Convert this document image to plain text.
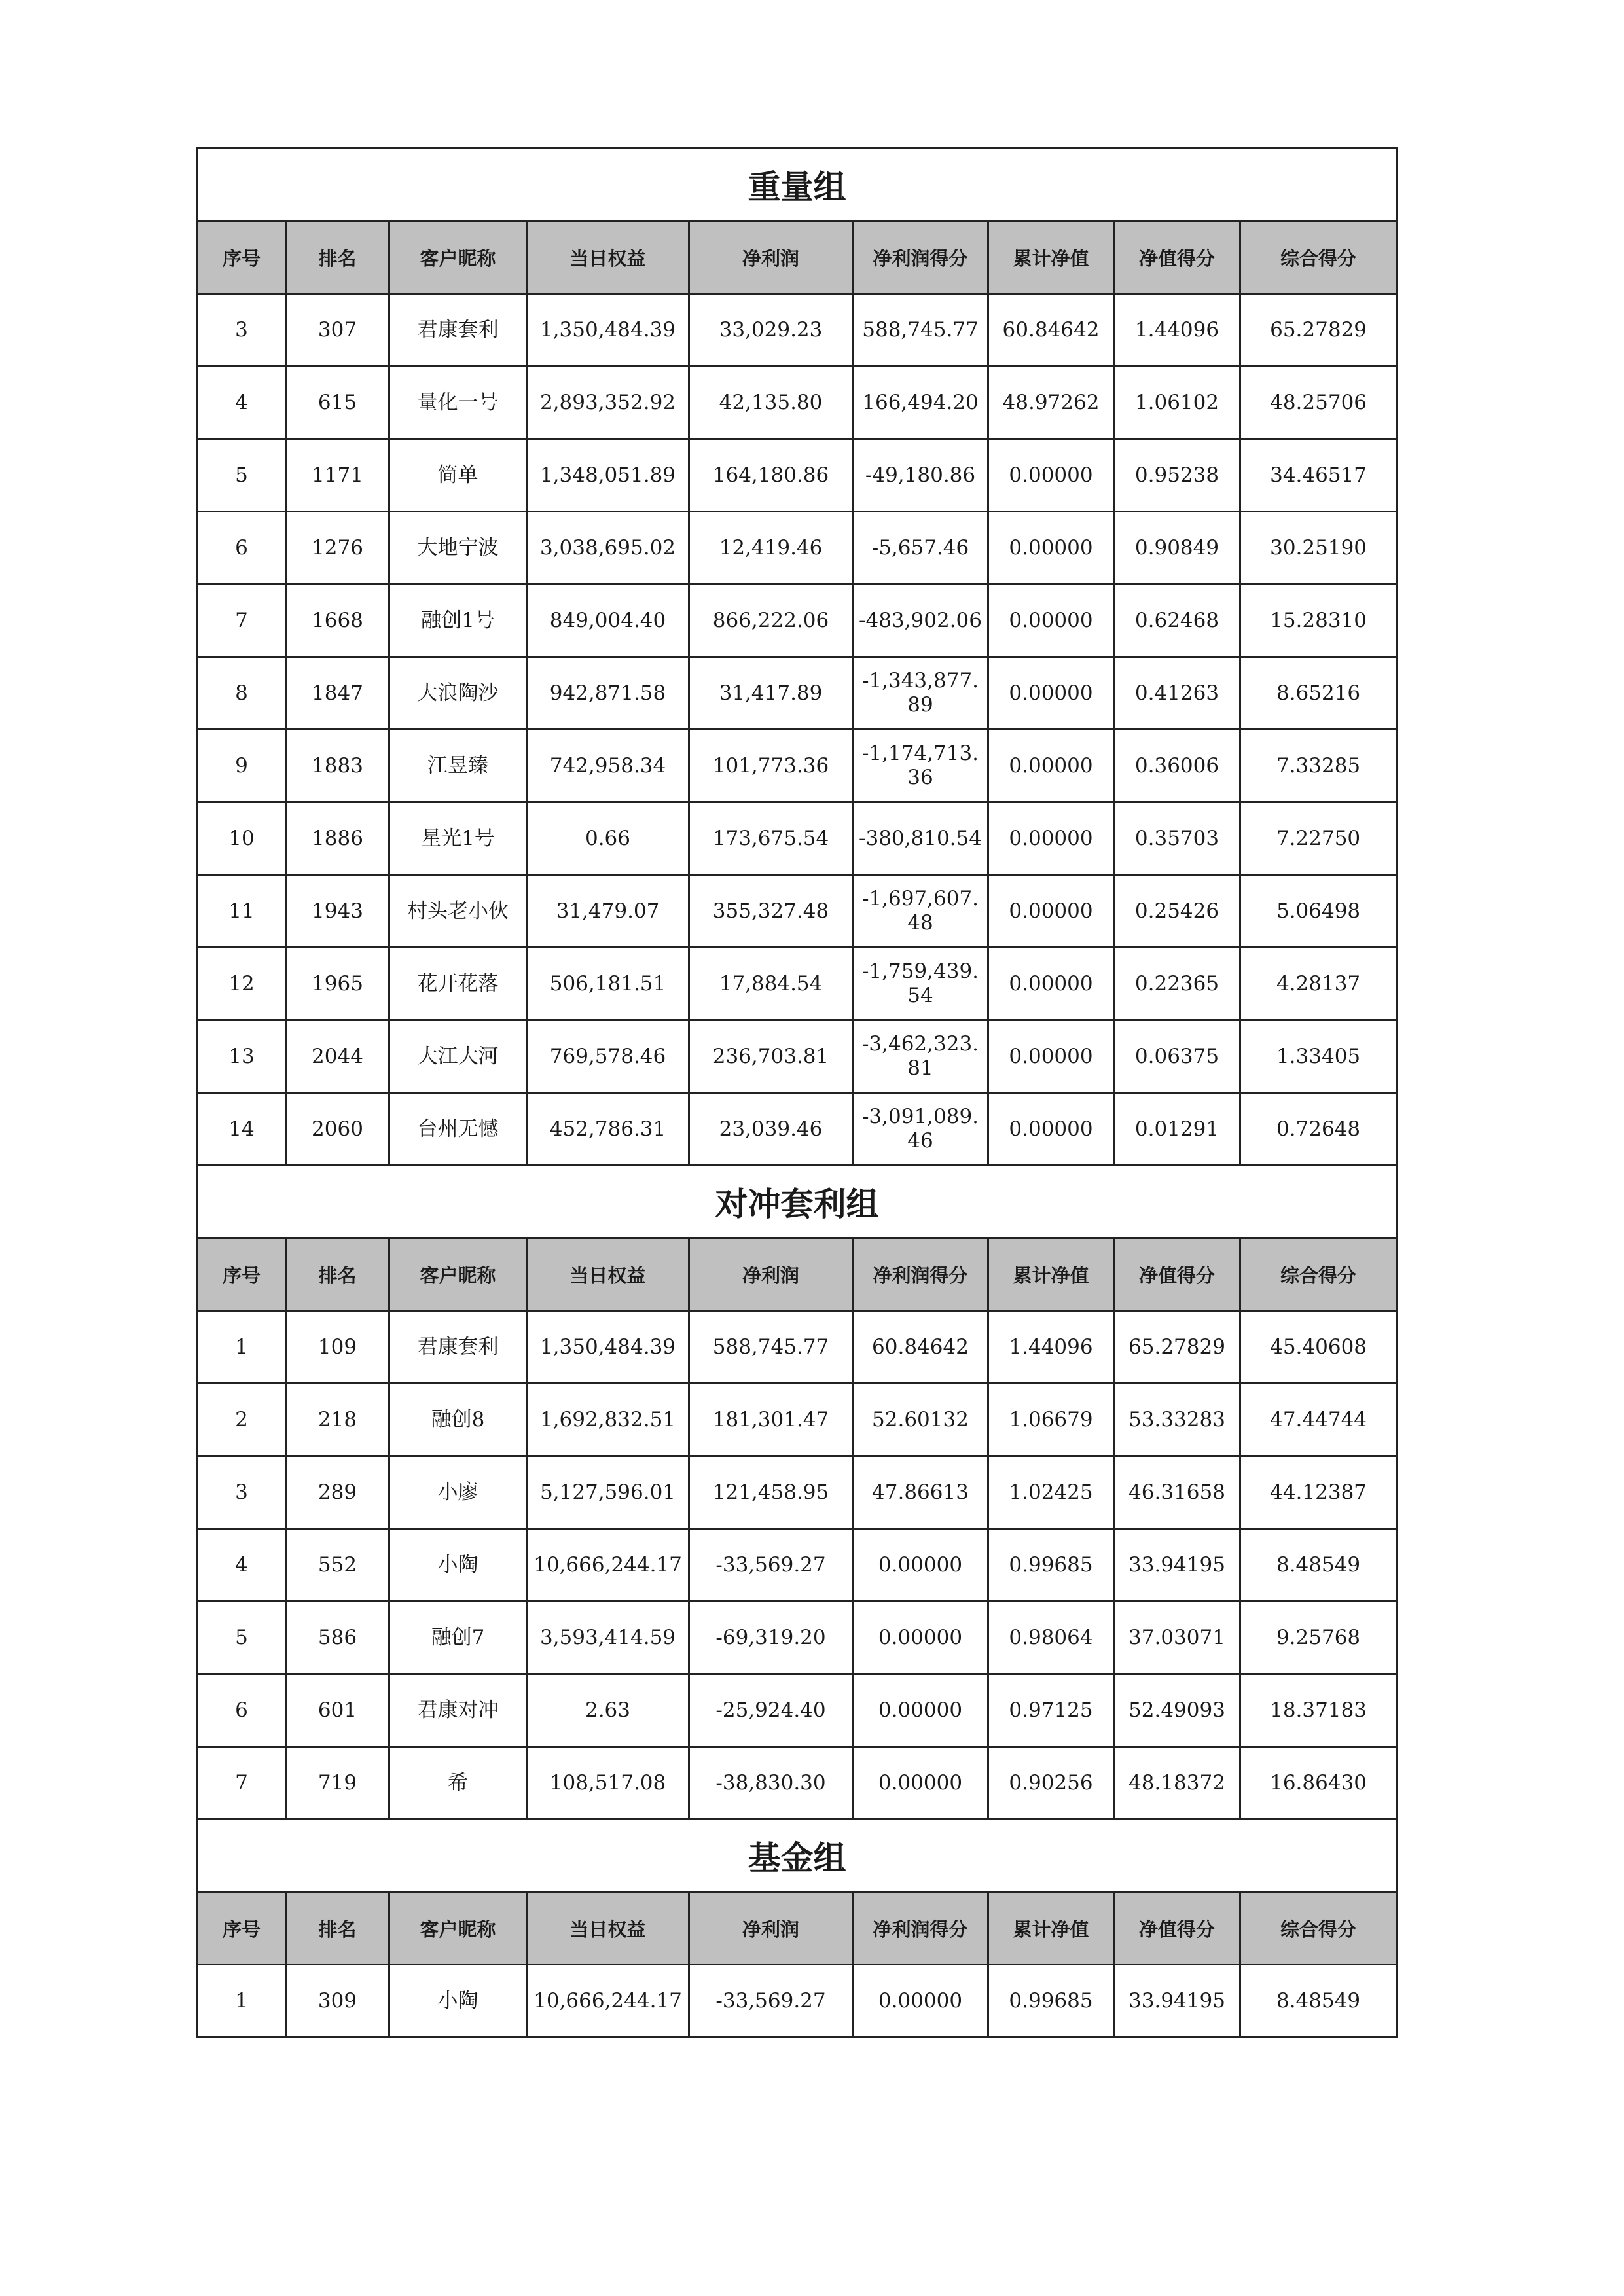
重量组								
序号	排名	客户昵称	当日权益	净利润	净利润得分	累计净值	净值得分	综合得分
3	307	君康套利	1,350,484.39	33,029.23	588,745.77	60.84642	1.44096	65.27829
4	615	量化一号	2,893,352.92	42,135.80	166,494.20	48.97262	1.06102	48.25706
5	1171	简单	1,348,051.89	164,180.86	-49,180.86	0.00000	0.95238	34.46517
6	1276	大地宁波	3,038,695.02	12,419.46	-5,657.46	0.00000	0.90849	30.25190
7	1668	融创1号	849,004.40	866,222.06	-483,902.06	0.00000	0.62468	15.28310
8	1847	大浪陶沙	942,871.58	31,417.89	-1,343,877.89	0.00000	0.41263	8.65216
9	1883	江昱臻	742,958.34	101,773.36	-1,174,713.36	0.00000	0.36006	7.33285
10	1886	星光1号	0.66	173,675.54	-380,810.54	0.00000	0.35703	7.22750
11	1943	村头老小伙	31,479.07	355,327.48	-1,697,607.48	0.00000	0.25426	5.06498
12	1965	花开花落	506,181.51	17,884.54	-1,759,439.54	0.00000	0.22365	4.28137
13	2044	大江大河	769,578.46	236,703.81	-3,462,323.81	0.00000	0.06375	1.33405
14	2060	台州无憾	452,786.31	23,039.46	-3,091,089.46	0.00000	0.01291	0.72648
对冲套利组								
序号	排名	客户昵称	当日权益	净利润	净利润得分	累计净值	净值得分	综合得分
1	109	君康套利	1,350,484.39	588,745.77	60.84642	1.44096	65.27829	45.40608
2	218	融创8	1,692,832.51	181,301.47	52.60132	1.06679	53.33283	47.44744
3	289	小廖	5,127,596.01	121,458.95	47.86613	1.02425	46.31658	44.12387
4	552	小陶	10,666,244.17	-33,569.27	0.00000	0.99685	33.94195	8.48549
5	586	融创7	3,593,414.59	-69,319.20	0.00000	0.98064	37.03071	9.25768
6	601	君康对冲	2.63	-25,924.40	0.00000	0.97125	52.49093	18.37183
7	719	希	108,517.08	-38,830.30	0.00000	0.90256	48.18372	16.86430
基金组								
序号	排名	客户昵称	当日权益	净利润	净利润得分	累计净值	净值得分	综合得分
1	309	小陶	10,666,244.17	-33,569.27	0.00000	0.99685	33.94195	8.48549
